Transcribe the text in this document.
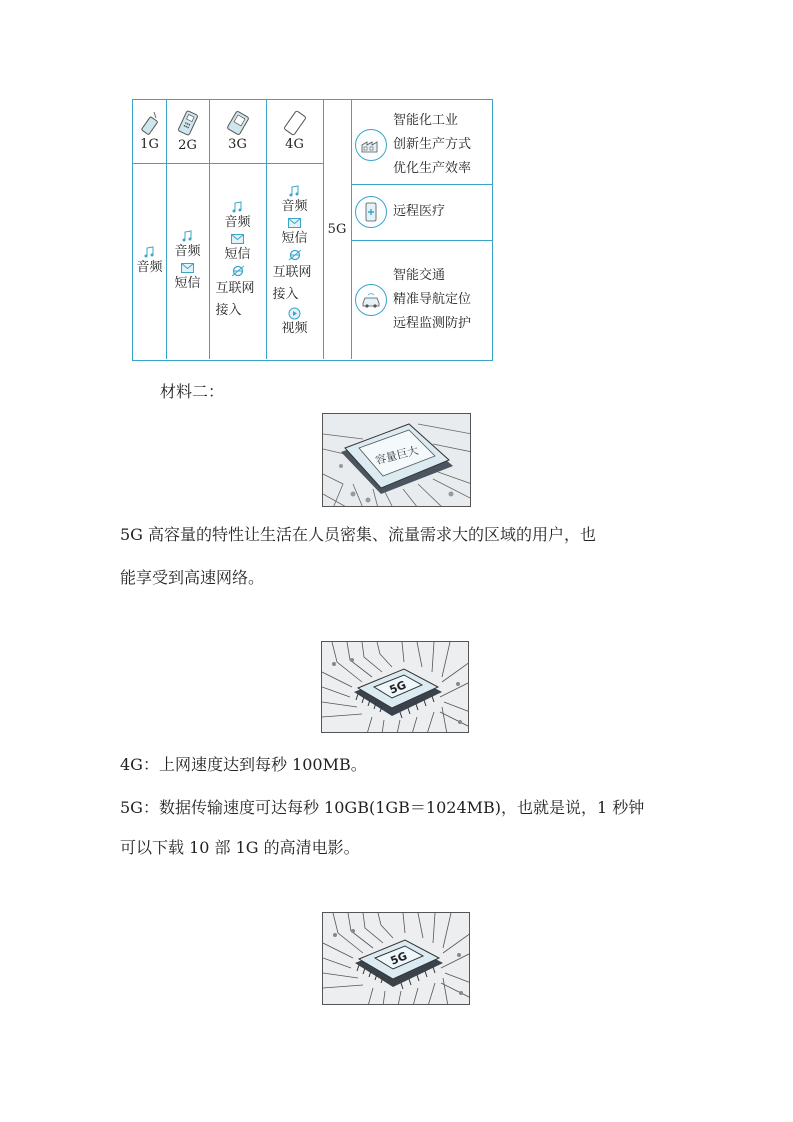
1G 2G 3G	4G
音频
音频
短信
音频
短信
互联网接入
音频
短信
互联网接入
视频
5G
智能化工业
创新生产方式
优化生产效率
远程医疗
智能交通
精准导航定位
远程监测防护
材料二：
容量巨大
5G 高容量的特性让生活在人员密集、流量需求大的区域的用户，也
能享受到高速网络。
5G
4G：上网速度达到每秒 100MB。
5G：数据传输速度可达每秒 10GB(1GB＝1024MB)，也就是说，1 秒钟
可以下载 10 部 1G 的高清电影。
5G
